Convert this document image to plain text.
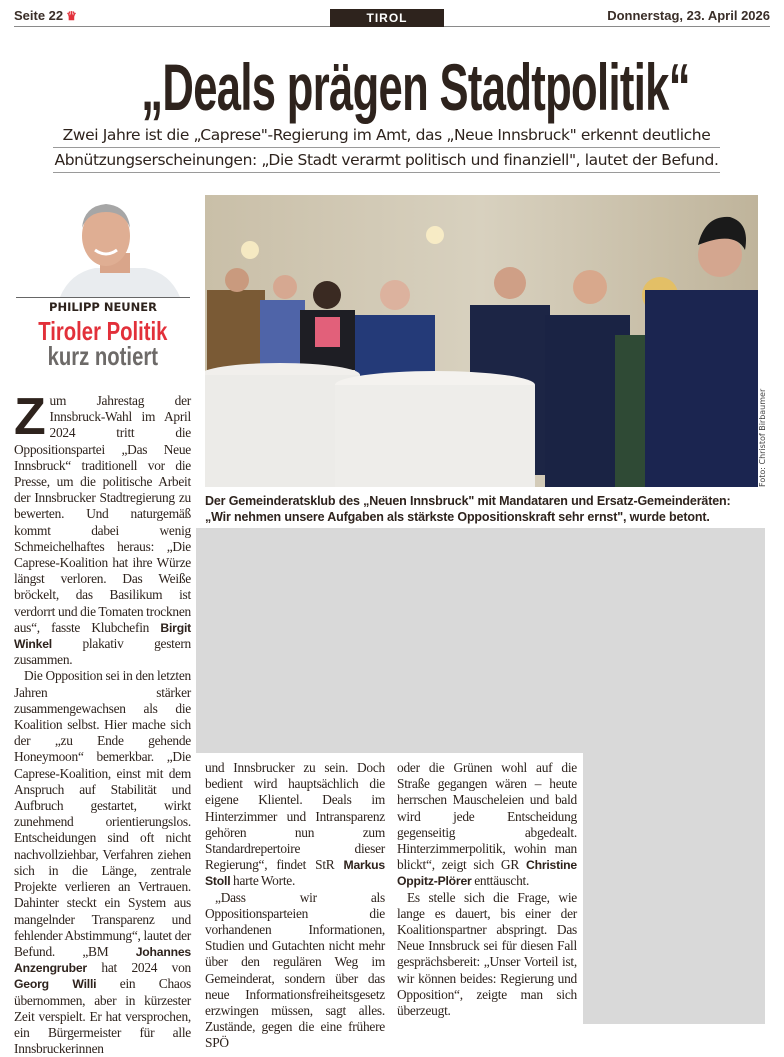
Seite 22 ♛	TIROL	Donnerstag, 23. April 2026
„Deals prägen Stadtpolitik“
Zwei Jahre ist die „Caprese"-Regierung im Amt, das „Neue Innsbruck" erkennt deutliche
Abnützungserscheinungen: „Die Stadt verarmt politisch und finanziell", lautet der Befund.
PHILIPP NEUNER
Tiroler Politik
kurz notiert

Zum Jahrestag der Innsbruck-Wahl im April 2024 tritt die Oppositionspartei „Das Neue Innsbruck“ traditionell vor die Presse, um die politische Arbeit der Innsbrucker Stadtregierung zu bewerten. Und naturgemäß kommt dabei wenig Schmeichelhaftes heraus: „Die Caprese-Koalition hat ihre Würze längst verloren. Das Weiße bröckelt, das Basilikum ist verdorrt und die Tomaten trocknen aus“, fasste Klubchefin Birgit Winkel plakativ gestern zusammen.

Die Opposition sei in den letzten Jahren stärker zusammengewachsen als die Koalition selbst. Hier mache sich der „zu Ende gehende Honeymoon“ bemerkbar. „Die Caprese-Koalition, einst mit dem Anspruch auf Stabilität und Aufbruch gestartet, wirkt zunehmend orientierungslos. Entscheidungen sind oft nicht nachvollziehbar, Verfahren ziehen sich in die Länge, zentrale Projekte verlieren an Vertrauen. Dahinter steckt ein System aus mangelnder Transparenz und fehlender Abstimmung“, lautet der Befund. „BM Johannes Anzengruber hat 2024 von Georg Willi ein Chaos übernommen, aber in kürzester Zeit verspielt. Er hat versprochen, ein Bürgermeister für alle Innsbruckerinnen

Foto: Christof Birbaumer
Der Gemeinderatsklub des „Neuen Innsbruck" mit Mandataren und Ersatz-Gemeinderäten:
„Wir nehmen unsere Aufgaben als stärkste Oppositionskraft sehr ernst", wurde betont.

und Innsbrucker zu sein. Doch bedient wird hauptsächlich die eigene Klientel. Deals im Hinterzimmer und Intransparenz gehören nun zum Standardrepertoire dieser Regierung“, findet StR Markus Stoll harte Worte.

„Dass wir als Oppositionsparteien die vorhandenen Informationen, Studien und Gutachten nicht mehr über den regulären Weg im Gemeinderat, sondern über das neue Informationsfreiheitsgesetz erzwingen müssen, sagt alles. Zustände, gegen die eine frühere SPÖ

oder die Grünen wohl auf die Straße gegangen wären – heute herrschen Mauscheleien und bald wird jede Entscheidung gegenseitig abgedealt. Hinterzimmerpolitik, wohin man blickt“, zeigt sich GR Christine Oppitz-Plörer enttäuscht.

Es stelle sich die Frage, wie lange es dauert, bis einer der Koalitionspartner abspringt. Das Neue Innsbruck sei für diesen Fall gesprächsbereit: „Unser Vorteil ist, wir können beides: Regierung und Opposition“, zeigte man sich überzeugt.
